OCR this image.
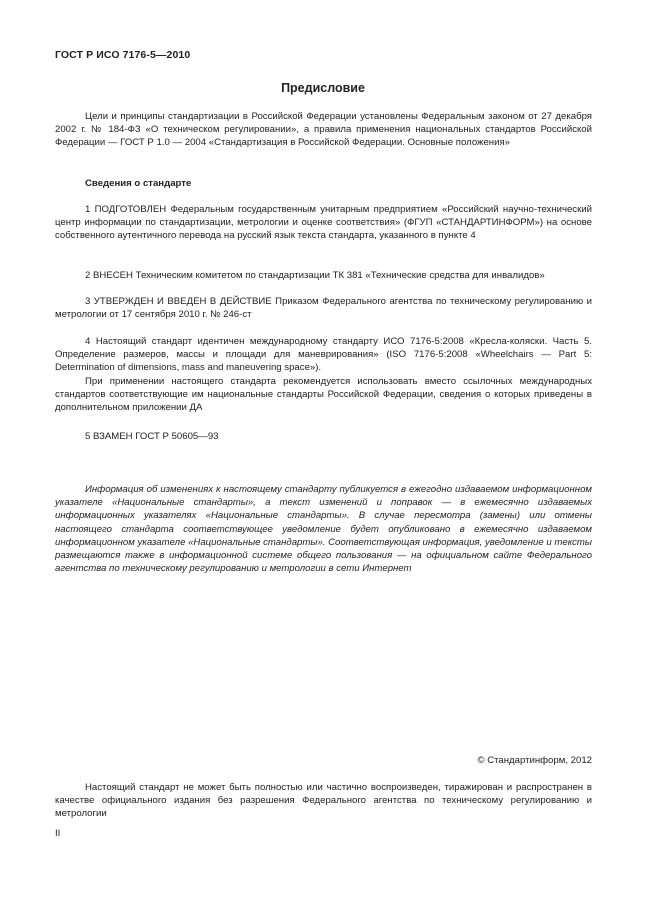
ГОСТ Р ИСО 7176-5—2010
Предисловие

Цели и принципы стандартизации в Российской Федерации установлены Федеральным законом от 27 декабря 2002 г. № 184-ФЗ «О техническом регулировании», а правила применения национальных стандартов Российской Федерации — ГОСТ Р 1.0 — 2004 «Стандартизация в Российской Федерации. Основные положения»

Сведения о стандарте

1 ПОДГОТОВЛЕН Федеральным государственным унитарным предприятием «Российский научно-технический центр информации по стандартизации, метрологии и оценке соответствия» (ФГУП «СТАНДАРТИНФОРМ») на основе собственного аутентичного перевода на русский язык текста стандарта, указанного в пункте 4

2 ВНЕСЕН Техническим комитетом по стандартизации ТК 381 «Технические средства для инвалидов»

3 УТВЕРЖДЕН И ВВЕДЕН В ДЕЙСТВИЕ Приказом Федерального агентства по техническому регулированию и метрологии от 17 сентября 2010 г. № 246-ст

4 Настоящий стандарт идентичен международному стандарту ИСО 7176-5:2008 «Кресла-коляски. Часть 5. Определение размеров, массы и площади для маневрирования» (ISO 7176-5:2008 «Wheelchairs — Part 5: Determination of dimensions, mass and maneuvering space»).

При применении настоящего стандарта рекомендуется использовать вместо ссылочных международных стандартов соответствующие им национальные стандарты Российской Федерации, сведения о которых приведены в дополнительном приложении ДА

5 ВЗАМЕН ГОСТ Р 50605—93

Информация об изменениях к настоящему стандарту публикуется в ежегодно издаваемом информационном указателе «Национальные стандарты», а текст изменений и поправок — в ежемесячно издаваемых информационных указателях «Национальные стандарты». В случае пересмотра (замены) или отмены настоящего стандарта соответствующее уведомление будет опубликовано в ежемесячно издаваемом информационном указателе «Национальные стандарты». Соответствующая информация, уведомление и тексты размещаются также в информационной системе общего пользования — на официальном сайте Федерального агентства по техническому регулированию и метрологии в сети Интернет

© Стандартинформ, 2012

Настоящий стандарт не может быть полностью или частично воспроизведен, тиражирован и распространен в качестве официального издания без разрешения Федерального агентства по техническому регулированию и метрологии

II
